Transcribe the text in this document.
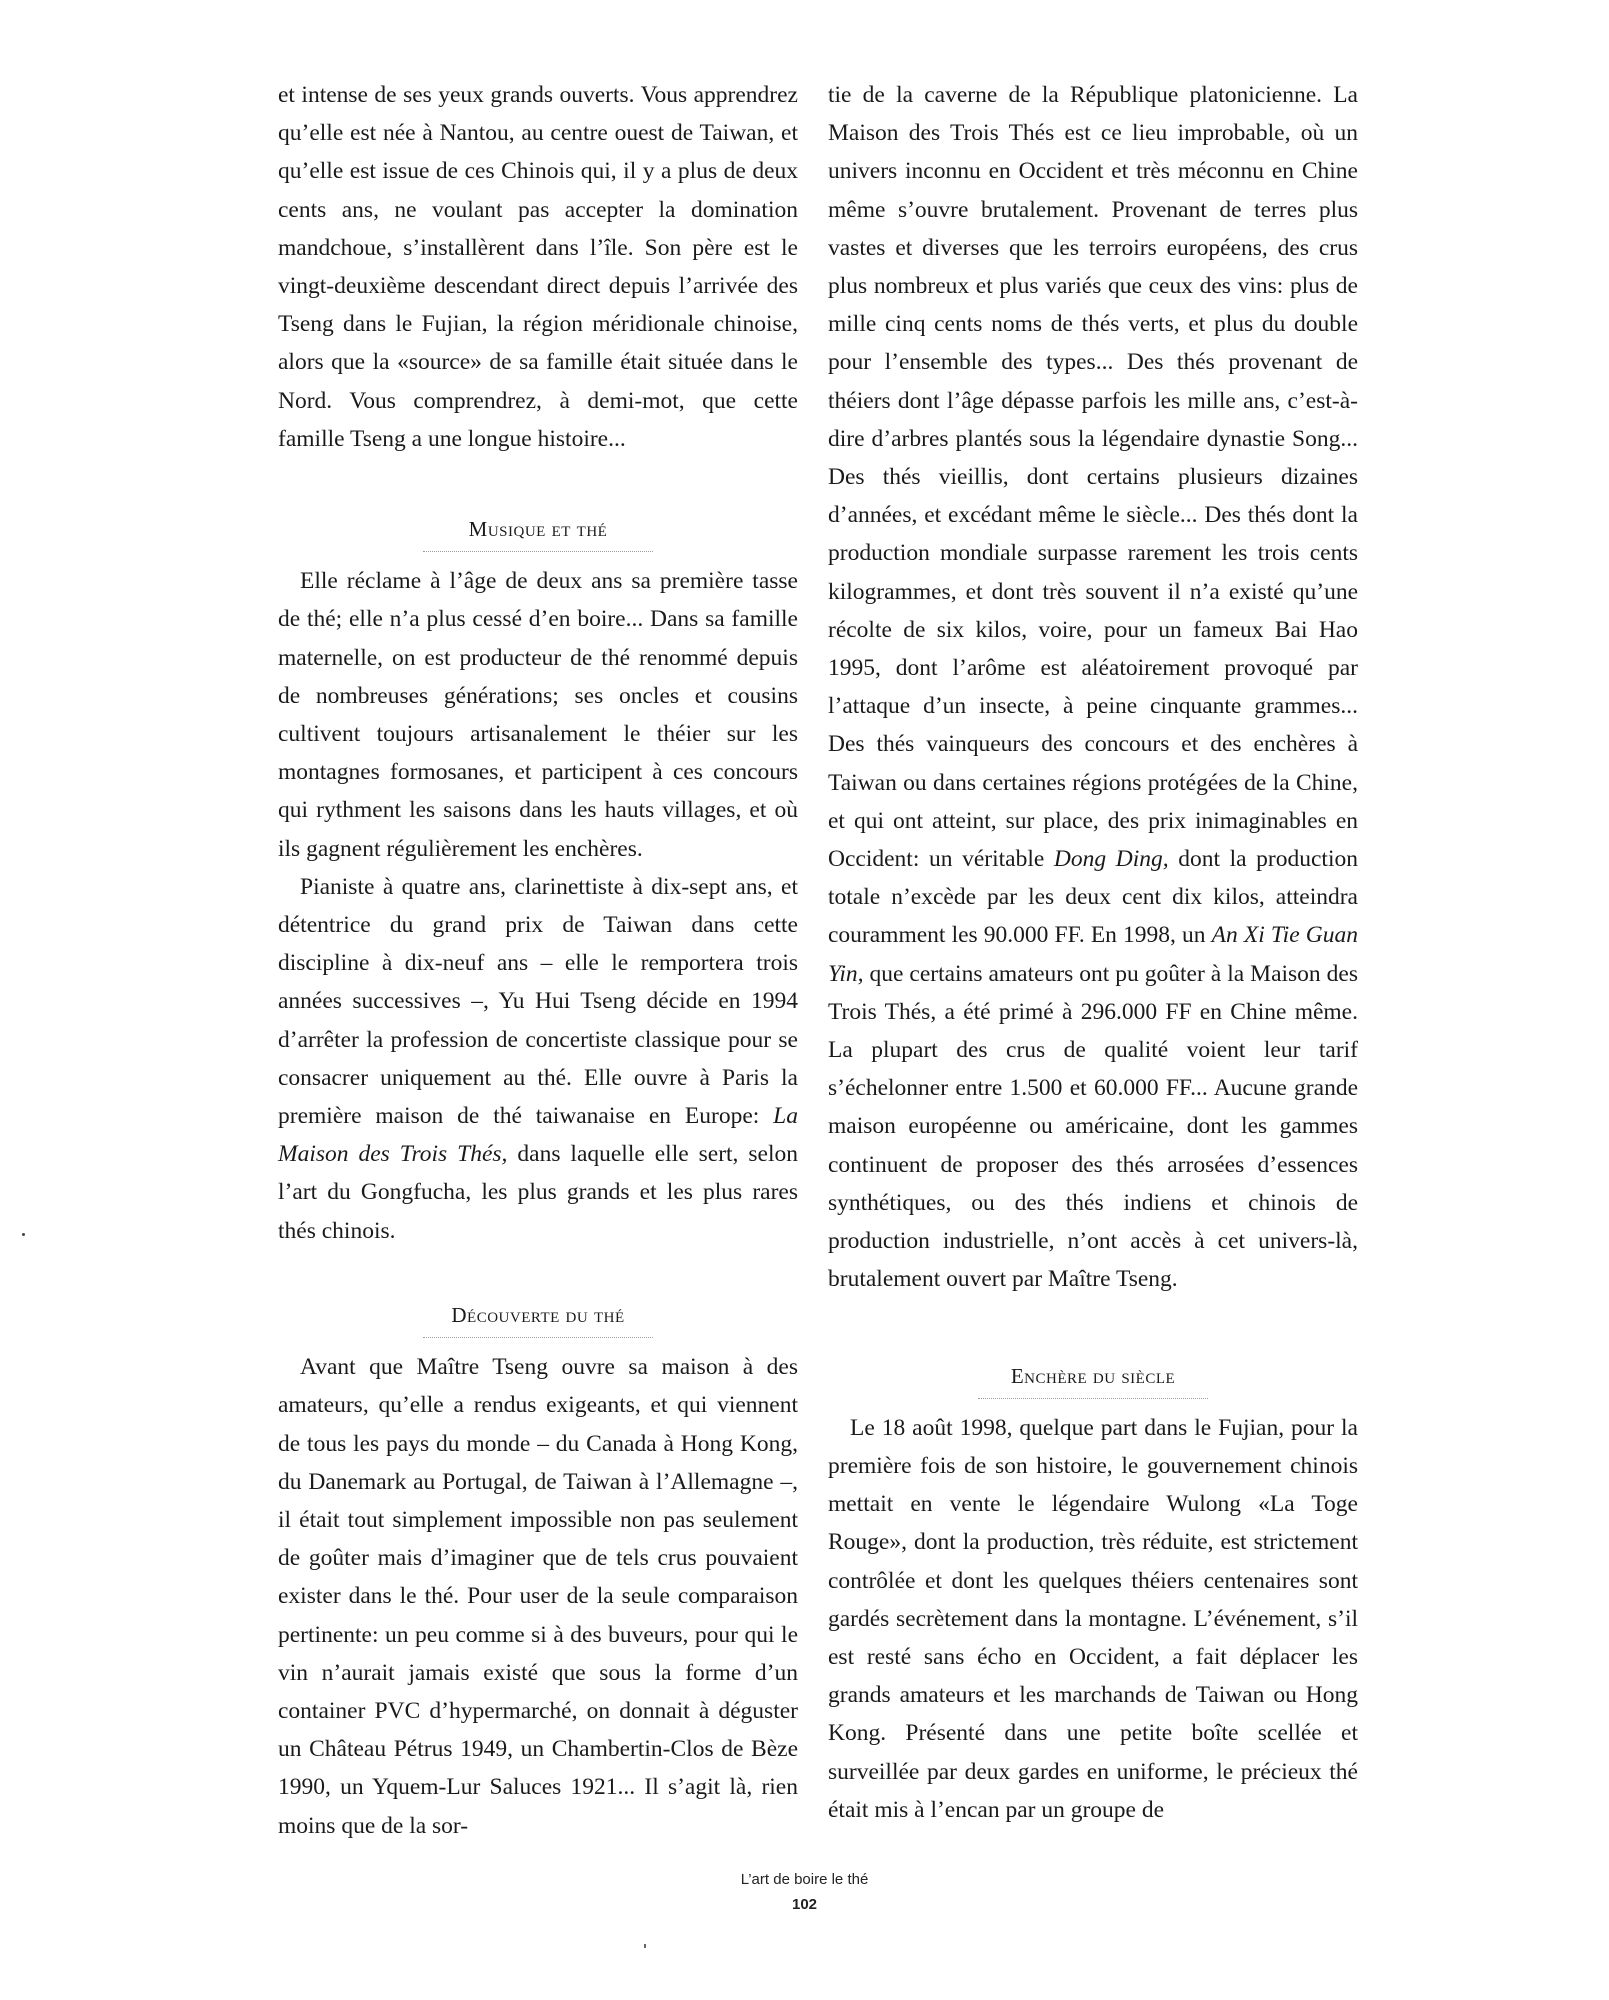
et intense de ses yeux grands ouverts. Vous apprendrez qu’elle est née à Nantou, au centre ouest de Taiwan, et qu’elle est issue de ces Chinois qui, il y a plus de deux cents ans, ne voulant pas accepter la domination mandchoue, s’installèrent dans l’île. Son père est le vingt-deuxième descendant direct depuis l’arrivée des Tseng dans le Fujian, la région méridionale chinoise, alors que la «source» de sa famille était située dans le Nord. Vous comprendrez, à demi-mot, que cette famille Tseng a une longue histoire...

Musique et thé

Elle réclame à l’âge de deux ans sa première tasse de thé; elle n’a plus cessé d’en boire... Dans sa famille maternelle, on est producteur de thé renommé depuis de nombreuses générations; ses oncles et cousins cultivent toujours artisanalement le théier sur les montagnes formosanes, et participent à ces concours qui rythment les saisons dans les hauts villages, et où ils gagnent régulièrement les enchères.

Pianiste à quatre ans, clarinettiste à dix-sept ans, et détentrice du grand prix de Taiwan dans cette discipline à dix-neuf ans – elle le remportera trois années successives –, Yu Hui Tseng décide en 1994 d’arrêter la profession de concertiste classique pour se consacrer uniquement au thé. Elle ouvre à Paris la première maison de thé taiwanaise en Europe: La Maison des Trois Thés, dans laquelle elle sert, selon l’art du Gongfucha, les plus grands et les plus rares thés chinois.

Découverte du thé

Avant que Maître Tseng ouvre sa maison à des amateurs, qu’elle a rendus exigeants, et qui viennent de tous les pays du monde – du Canada à Hong Kong, du Danemark au Portugal, de Taiwan à l’Allemagne –, il était tout simplement impossible non pas seulement de goûter mais d’imaginer que de tels crus pouvaient exister dans le thé. Pour user de la seule comparaison pertinente: un peu comme si à des buveurs, pour qui le vin n’aurait jamais existé que sous la forme d’un container PVC d’hypermarché, on donnait à déguster un Château Pétrus 1949, un Chambertin-Clos de Bèze 1990, un Yquem-Lur Saluces 1921... Il s’agit là, rien moins que de la sor-

tie de la caverne de la République platonicienne. La Maison des Trois Thés est ce lieu improbable, où un univers inconnu en Occident et très méconnu en Chine même s’ouvre brutalement. Provenant de terres plus vastes et diverses que les terroirs européens, des crus plus nombreux et plus variés que ceux des vins: plus de mille cinq cents noms de thés verts, et plus du double pour l’ensemble des types... Des thés provenant de théiers dont l’âge dépasse parfois les mille ans, c’est-à-dire d’arbres plantés sous la légendaire dynastie Song... Des thés vieillis, dont certains plusieurs dizaines d’années, et excédant même le siècle... Des thés dont la production mondiale surpasse rarement les trois cents kilogrammes, et dont très souvent il n’a existé qu’une récolte de six kilos, voire, pour un fameux Bai Hao 1995, dont l’arôme est aléatoirement provoqué par l’attaque d’un insecte, à peine cinquante grammes... Des thés vainqueurs des concours et des enchères à Taiwan ou dans certaines régions protégées de la Chine, et qui ont atteint, sur place, des prix inimaginables en Occident: un véritable Dong Ding, dont la production totale n’excède par les deux cent dix kilos, atteindra couramment les 90.000 FF. En 1998, un An Xi Tie Guan Yin, que certains amateurs ont pu goûter à la Maison des Trois Thés, a été primé à 296.000 FF en Chine même. La plupart des crus de qualité voient leur tarif s’échelonner entre 1.500 et 60.000 FF... Aucune grande maison européenne ou américaine, dont les gammes continuent de proposer des thés arrosées d’essences synthétiques, ou des thés indiens et chinois de production industrielle, n’ont accès à cet univers-là, brutalement ouvert par Maître Tseng.

Enchère du siècle

Le 18 août 1998, quelque part dans le Fujian, pour la première fois de son histoire, le gouvernement chinois mettait en vente le légendaire Wulong «La Toge Rouge», dont la production, très réduite, est strictement contrôlée et dont les quelques théiers centenaires sont gardés secrètement dans la montagne. L’événement, s’il est resté sans écho en Occident, a fait déplacer les grands amateurs et les marchands de Taiwan ou Hong Kong. Présenté dans une petite boîte scellée et surveillée par deux gardes en uniforme, le précieux thé était mis à l’encan par un groupe de

L’art de boire le thé
102
